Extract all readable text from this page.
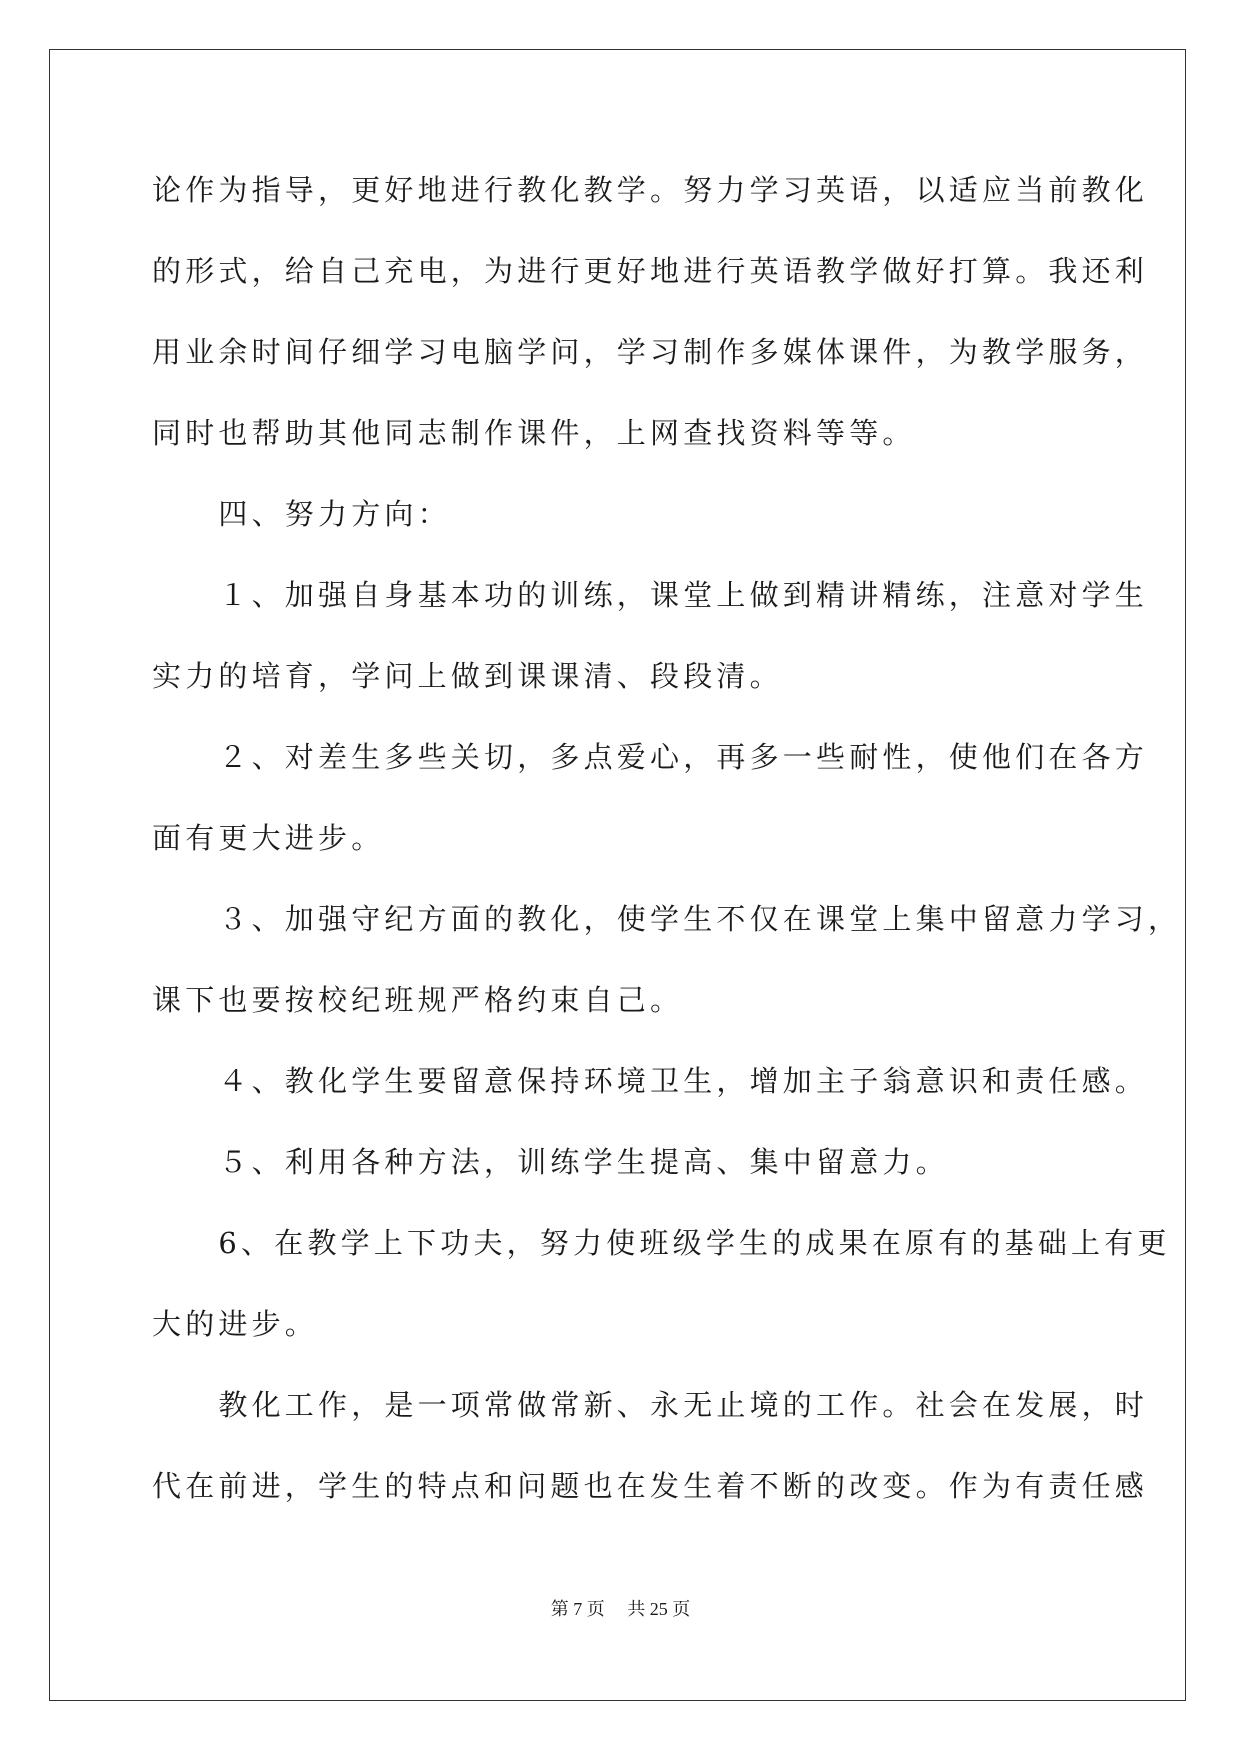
论作为指导，更好地进行教化教学。努力学习英语，以适应当前教化

的形式，给自己充电，为进行更好地进行英语教学做好打算。我还利

用业余时间仔细学习电脑学问，学习制作多媒体课件，为教学服务，

同时也帮助其他同志制作课件，上网查找资料等等。

　　四、努力方向：

　　１、加强自身基本功的训练，课堂上做到精讲精练，注意对学生

实力的培育，学问上做到课课清、段段清。

　　２、对差生多些关切，多点爱心，再多一些耐性，使他们在各方

面有更大进步。

　　３、加强守纪方面的教化，使学生不仅在课堂上集中留意力学习，

课下也要按校纪班规严格约束自己。

　　４、教化学生要留意保持环境卫生，增加主子翁意识和责任感。

　　５、利用各种方法，训练学生提高、集中留意力。

　　6、在教学上下功夫，努力使班级学生的成果在原有的基础上有更

大的进步。

　　教化工作，是一项常做常新、永无止境的工作。社会在发展，时

代在前进，学生的特点和问题也在发生着不断的改变。作为有责任感

第 7 页　 共 25 页
